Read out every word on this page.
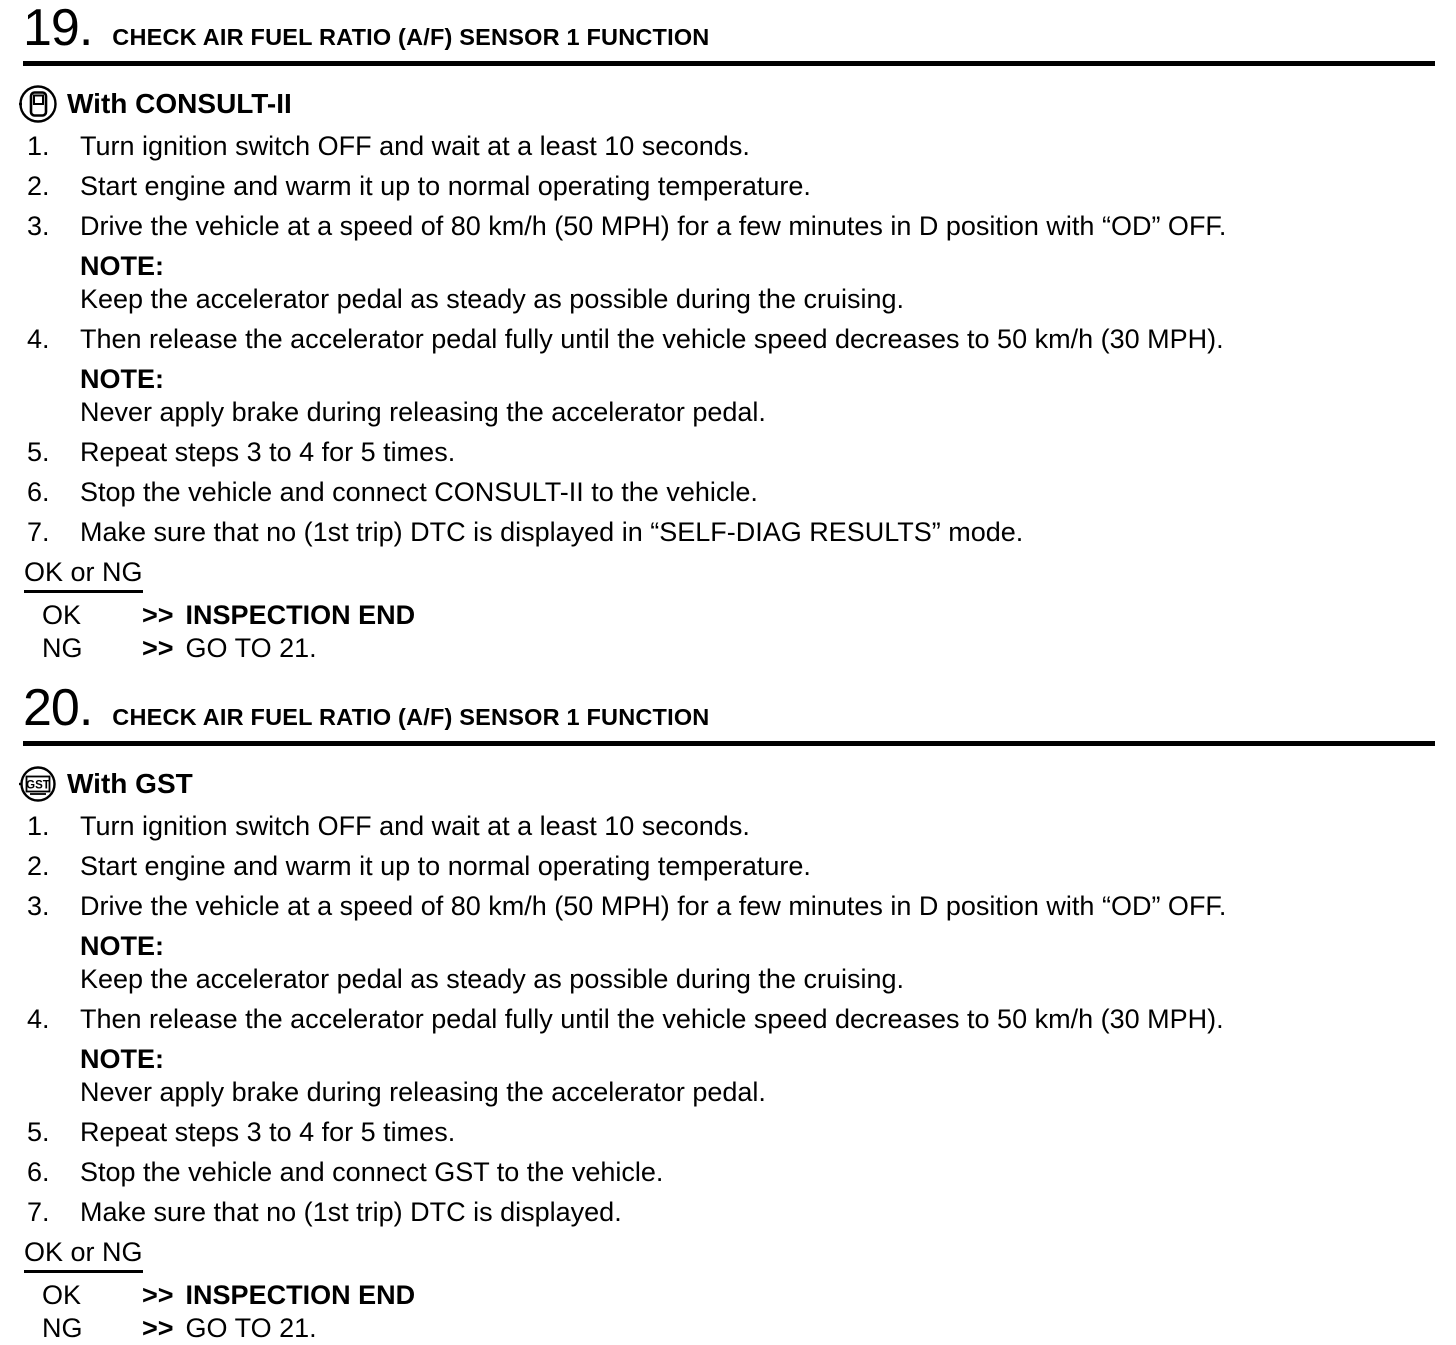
19. CHECK AIR FUEL RATIO (A/F) SENSOR 1 FUNCTION
With CONSULT-II
1.	Turn ignition switch OFF and wait at a least 10 seconds.
2.	Start engine and warm it up to normal operating temperature.
3.	Drive the vehicle at a speed of 80 km/h (50 MPH) for a few minutes in D position with “OD” OFF.
NOTE:
Keep the accelerator pedal as steady as possible during the cruising.
4.	Then release the accelerator pedal fully until the vehicle speed decreases to 50 km/h (30 MPH).
NOTE:
Never apply brake during releasing the accelerator pedal.
5.	Repeat steps 3 to 4 for 5 times.
6.	Stop the vehicle and connect CONSULT-II to the vehicle.
7.	Make sure that no (1st trip) DTC is displayed in “SELF-DIAG RESULTS” mode.
OK or NG
OK	>> INSPECTION END
NG	>> GO TO 21.
20. CHECK AIR FUEL RATIO (A/F) SENSOR 1 FUNCTION
GST With GST
1.	Turn ignition switch OFF and wait at a least 10 seconds.
2.	Start engine and warm it up to normal operating temperature.
3.	Drive the vehicle at a speed of 80 km/h (50 MPH) for a few minutes in D position with “OD” OFF.
NOTE:
Keep the accelerator pedal as steady as possible during the cruising.
4.	Then release the accelerator pedal fully until the vehicle speed decreases to 50 km/h (30 MPH).
NOTE:
Never apply brake during releasing the accelerator pedal.
5.	Repeat steps 3 to 4 for 5 times.
6.	Stop the vehicle and connect GST to the vehicle.
7.	Make sure that no (1st trip) DTC is displayed.
OK or NG
OK	>> INSPECTION END
NG	>> GO TO 21.
